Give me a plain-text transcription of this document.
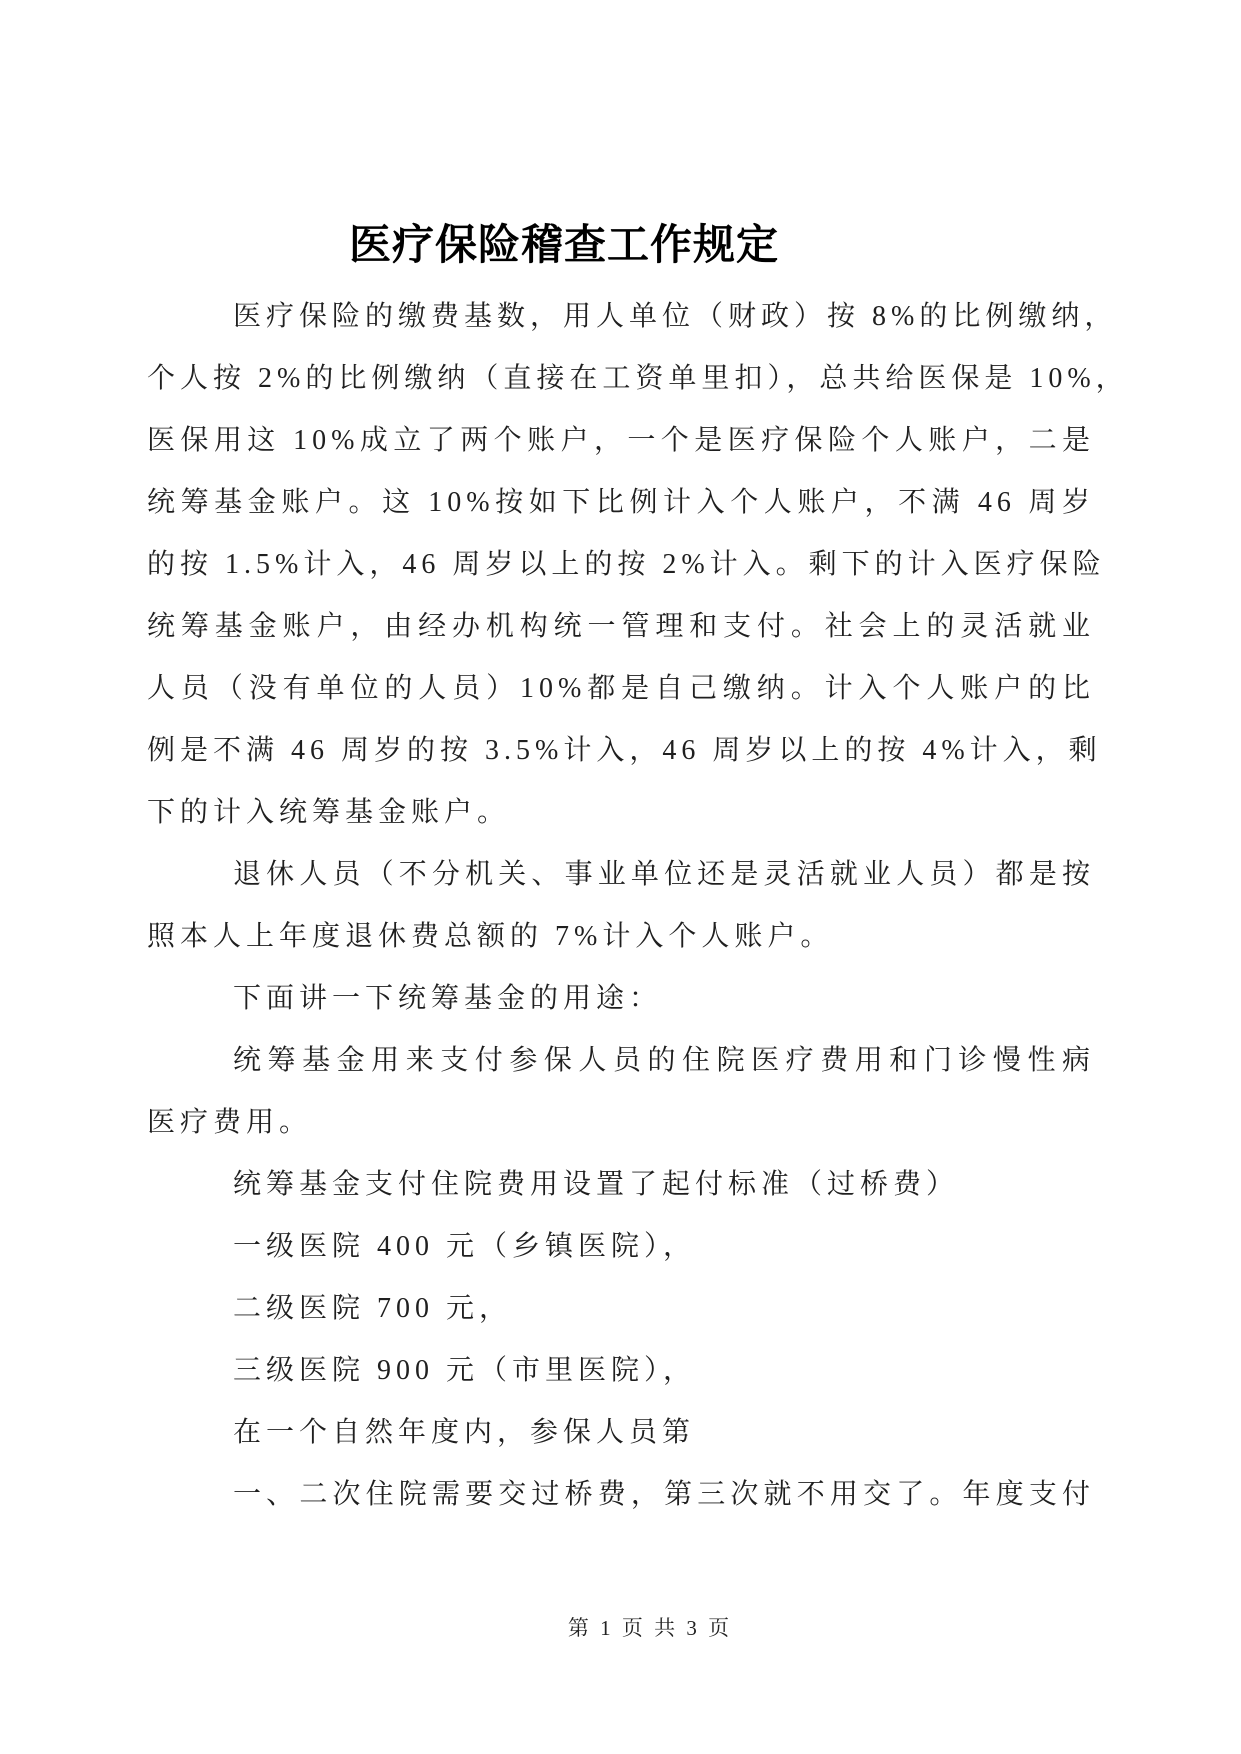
医疗保险稽查工作规定
医疗保险的缴费基数，用人单位（财政）按 8%的比例缴纳，
个人按 2%的比例缴纳（直接在工资单里扣），总共给医保是 10%，
医保用这 10%成立了两个账户，一个是医疗保险个人账户，二是
统筹基金账户。这 10%按如下比例计入个人账户，不满 46 周岁
的按 1.5%计入，46 周岁以上的按 2%计入。剩下的计入医疗保险
统筹基金账户，由经办机构统一管理和支付。社会上的灵活就业
人员（没有单位的人员）10%都是自己缴纳。计入个人账户的比
例是不满 46 周岁的按 3.5%计入，46 周岁以上的按 4%计入，剩
下的计入统筹基金账户。
退休人员（不分机关、事业单位还是灵活就业人员）都是按
照本人上年度退休费总额的 7%计入个人账户。
下面讲一下统筹基金的用途：
统筹基金用来支付参保人员的住院医疗费用和门诊慢性病
医疗费用。
统筹基金支付住院费用设置了起付标准（过桥费）
一级医院 400 元（乡镇医院），
二级医院 700 元，
三级医院 900 元（市里医院），
在一个自然年度内，参保人员第
一、二次住院需要交过桥费，第三次就不用交了。年度支付
第 1 页 共 3 页
